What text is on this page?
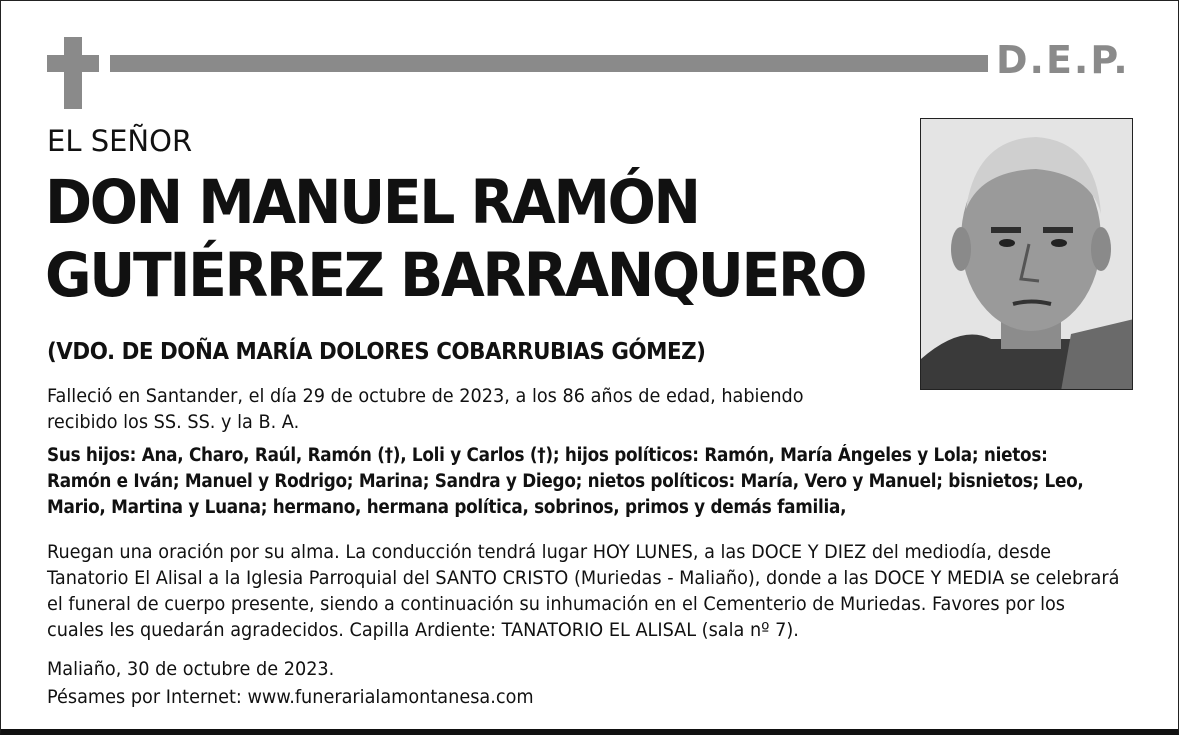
D.E.P.
EL SEÑOR
DON MANUEL RAMÓN
GUTIÉRREZ BARRANQUERO
(VDO. DE DOÑA MARÍA DOLORES COBARRUBIAS GÓMEZ)
Falleció en Santander, el día 29 de octubre de 2023, a los 86 años de edad, habiendo recibido los SS. SS. y la B. A.
Sus hijos: Ana, Charo, Raúl, Ramón (†), Loli y Carlos (†); hijos políticos: Ramón, María Ángeles y Lola; nietos: Ramón e Iván; Manuel y Rodrigo; Marina; Sandra y Diego; nietos políticos: María, Vero y Manuel; bisnietos; Leo, Mario, Martina y Luana; hermano, hermana política, sobrinos, primos y demás familia,
Ruegan una oración por su alma. La conducción tendrá lugar HOY LUNES, a las DOCE Y DIEZ del mediodía, desde Tanatorio El Alisal a la Iglesia Parroquial del SANTO CRISTO (Muriedas - Maliaño), donde a las DOCE Y MEDIA se celebrará el funeral de cuerpo presente, siendo a continuación su inhumación en el Cementerio de Muriedas. Favores por los cuales les quedarán agradecidos. Capilla Ardiente: TANATORIO EL ALISAL (sala nº 7).
Maliaño, 30 de octubre de 2023.
Pésames por Internet: www.funerarialamontanesa.com
